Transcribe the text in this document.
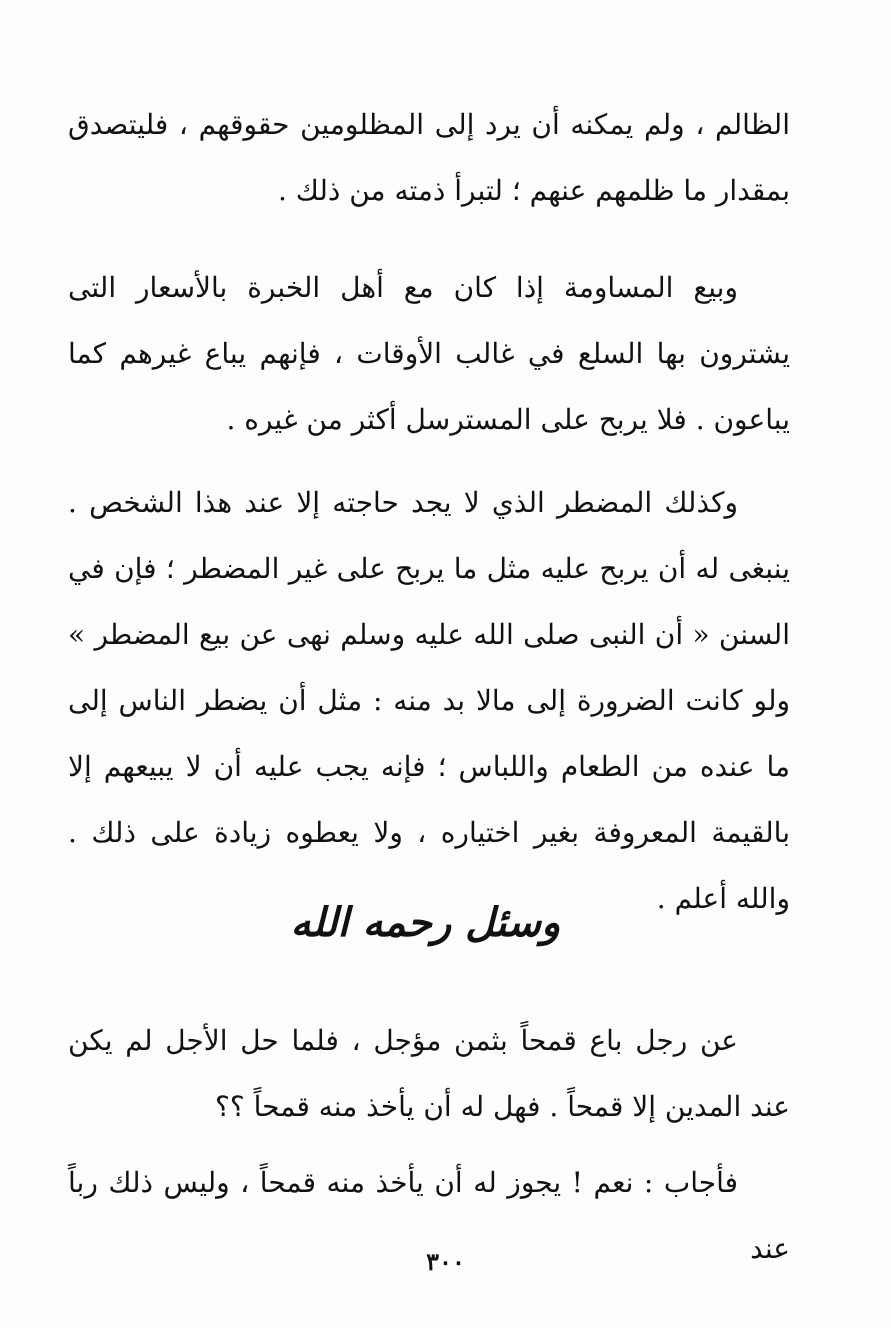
الظالم ، ولم يمكنه أن يرد إلى المظلومين حقوقهم ، فليتصدق بمقدار ما ظلمهم عنهم ؛ لتبرأ ذمته من ذلك .
وبيع المساومة إذا كان مع أهل الخبرة بالأسعار التى يشترون بها السلع في غالب الأوقات ، فإنهم يباع غيرهم كما يباعون . فلا يربح على المسترسل أكثر من غيره .
وكذلك المضطر الذي لا يجد حاجته إلا عند هذا الشخص . ينبغى له أن يربح عليه مثل ما يربح على غير المضطر ؛ فإن في السنن « أن النبى صلى الله عليه وسلم نهى عن بيع المضطر » ولو كانت الضرورة إلى مالا بد منه : مثل أن يضطر الناس إلى ما عنده من الطعام واللباس ؛ فإنه يجب عليه أن لا يبيعهم إلا بالقيمة المعروفة بغير اختياره ، ولا يعطوه زيادة على ذلك . والله أعلم .
وسئل رحمه الله
عن رجل باع قمحاً بثمن مؤجل ، فلما حل الأجل لم يكن عند المدين إلا قمحاً . فهل له أن يأخذ منه قمحاً ؟؟
فأجاب : نعم ! يجوز له أن يأخذ منه قمحاً ، وليس ذلك رباً عند
٣٠٠
